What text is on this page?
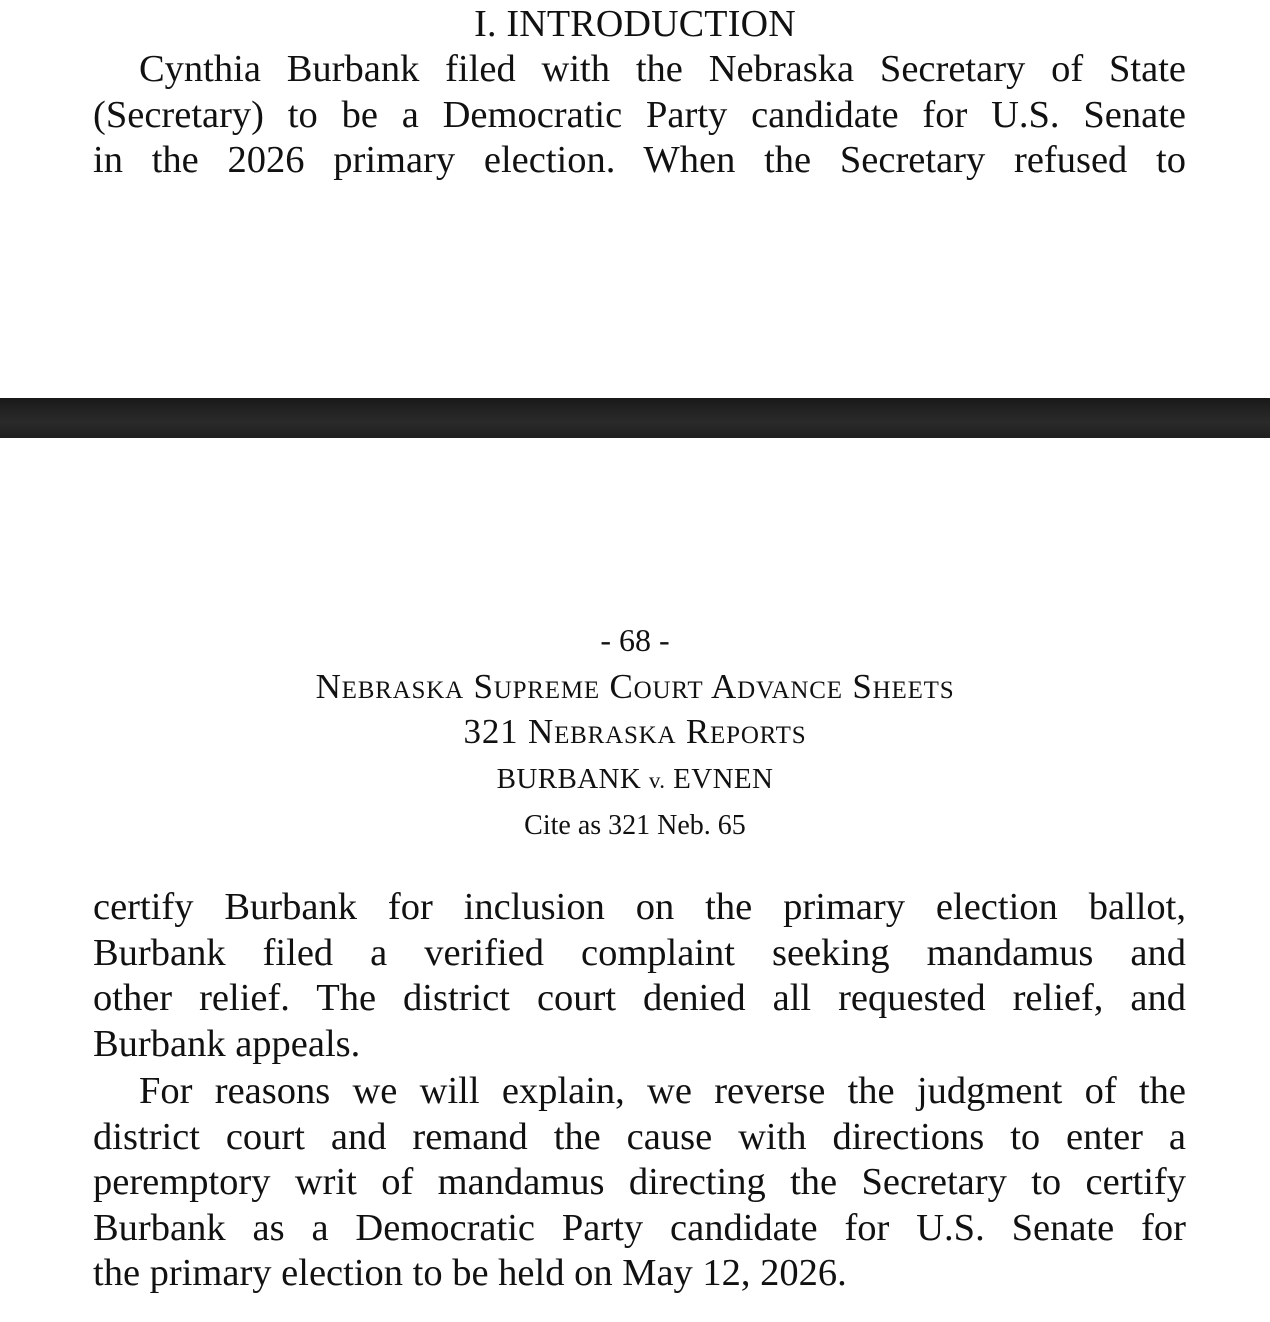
I. INTRODUCTION
Cynthia Burbank filed with the Nebraska Secretary of State
(Secretary) to be a Democratic Party candidate for U.S. Senate
in the 2026 primary election. When the Secretary refused to
- 68 -
Nebraska Supreme Court Advance Sheets
321 Nebraska Reports
BURBANK v. EVNEN
Cite as 321 Neb. 65
certify Burbank for inclusion on the primary election ballot,
Burbank filed a verified complaint seeking mandamus and
other relief. The district court denied all requested relief, and
Burbank appeals.
For reasons we will explain, we reverse the judgment of the
district court and remand the cause with directions to enter a
peremptory writ of mandamus directing the Secretary to certify
Burbank as a Democratic Party candidate for U.S. Senate for
the primary election to be held on May 12, 2026.
